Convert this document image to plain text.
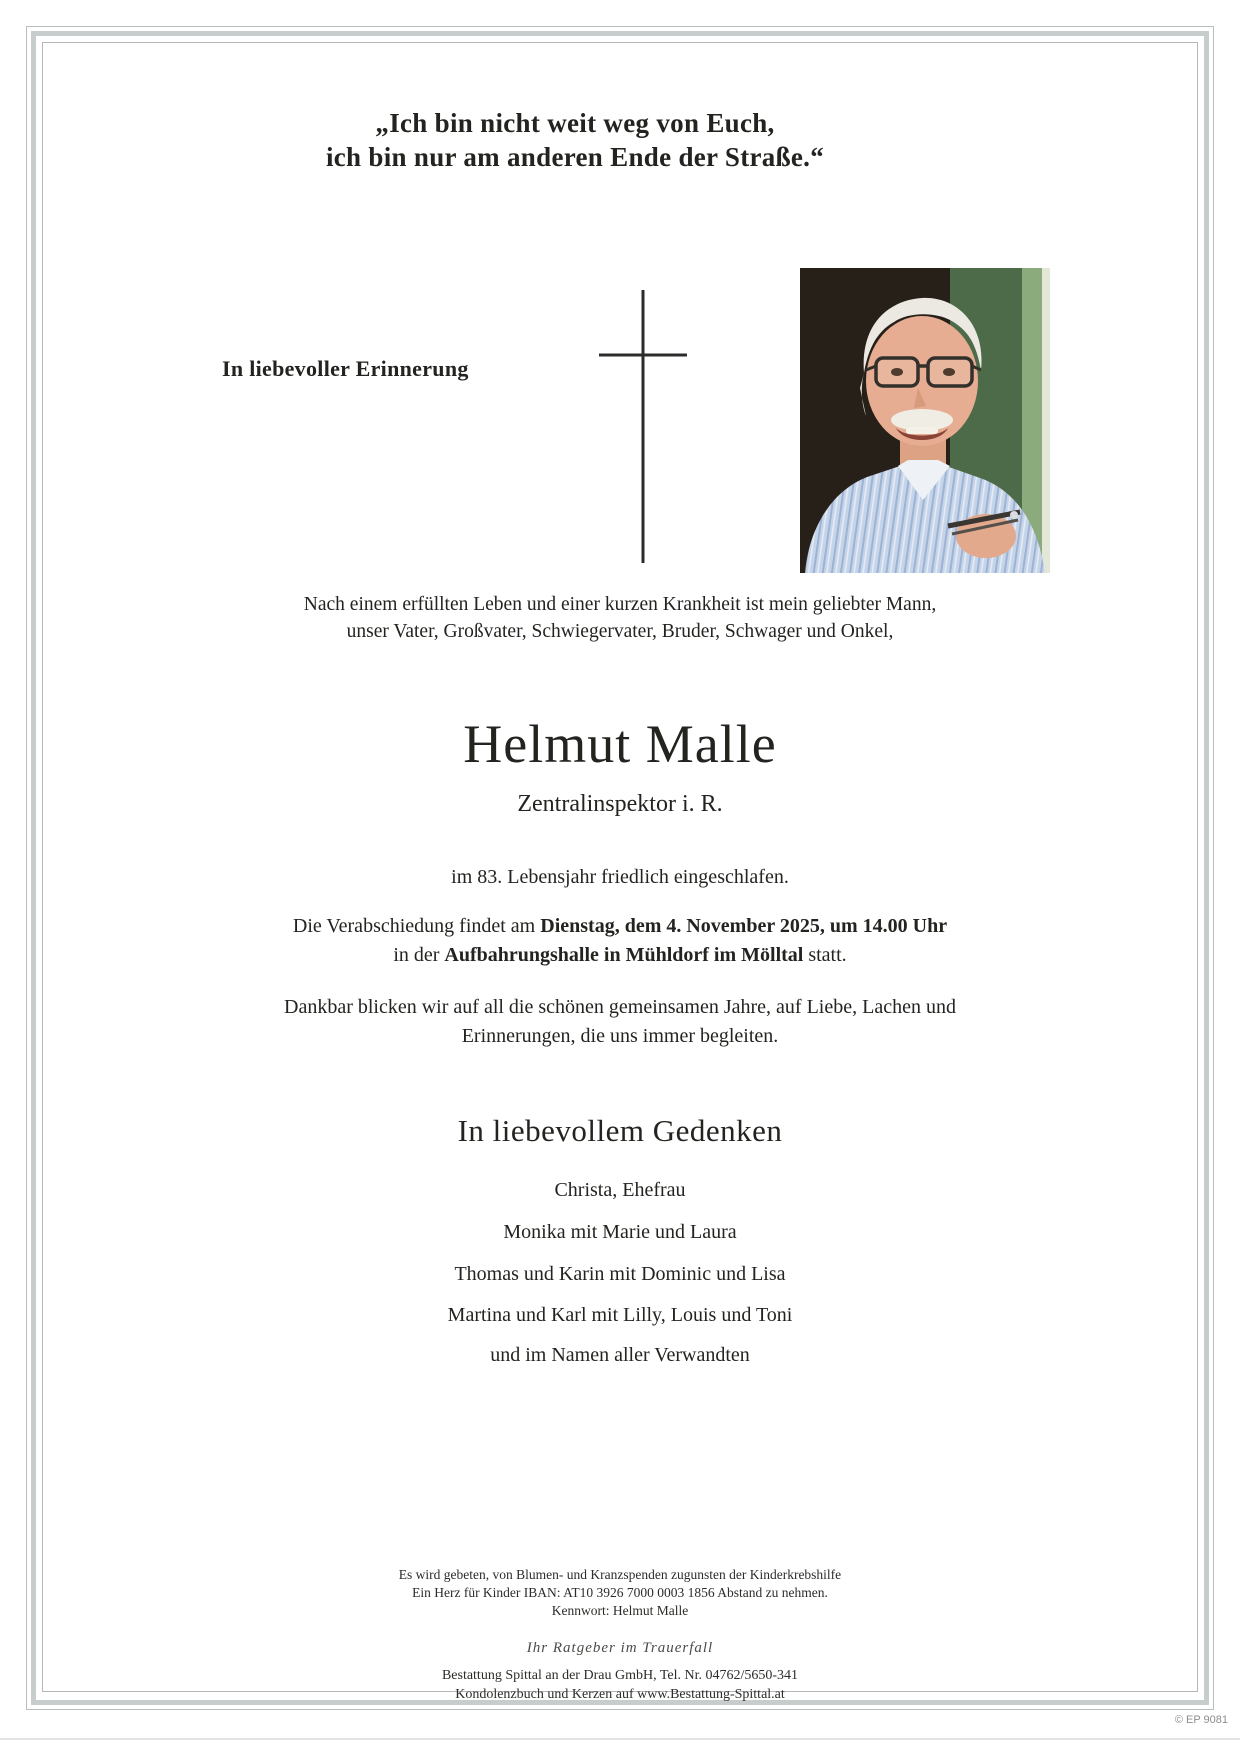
„Ich bin nicht weit weg von Euch,
ich bin nur am anderen Ende der Straße.“
In liebevoller Erinnerung
Nach einem erfüllten Leben und einer kurzen Krankheit ist mein geliebter Mann,
unser Vater, Großvater, Schwiegervater, Bruder, Schwager und Onkel,
Helmut Malle
Zentralinspektor i. R.
im 83. Lebensjahr friedlich eingeschlafen.
Die Verabschiedung findet am Dienstag, dem 4. November 2025, um 14.00 Uhr
in der Aufbahrungshalle in Mühldorf im Mölltal statt.
Dankbar blicken wir auf all die schönen gemeinsamen Jahre, auf Liebe, Lachen und
Erinnerungen, die uns immer begleiten.
In liebevollem Gedenken
Christa, Ehefrau
Monika mit Marie und Laura
Thomas und Karin mit Dominic und Lisa
Martina und Karl mit Lilly, Louis und Toni
und im Namen aller Verwandten
Es wird gebeten, von Blumen- und Kranzspenden zugunsten der Kinderkrebshilfe
Ein Herz für Kinder IBAN: AT10 3926 7000 0003 1856 Abstand zu nehmen.
Kennwort: Helmut Malle
Ihr Ratgeber im Trauerfall
Bestattung Spittal an der Drau GmbH, Tel. Nr. 04762/5650-341
Kondolenzbuch und Kerzen auf www.Bestattung-Spittal.at
© EP 9081
